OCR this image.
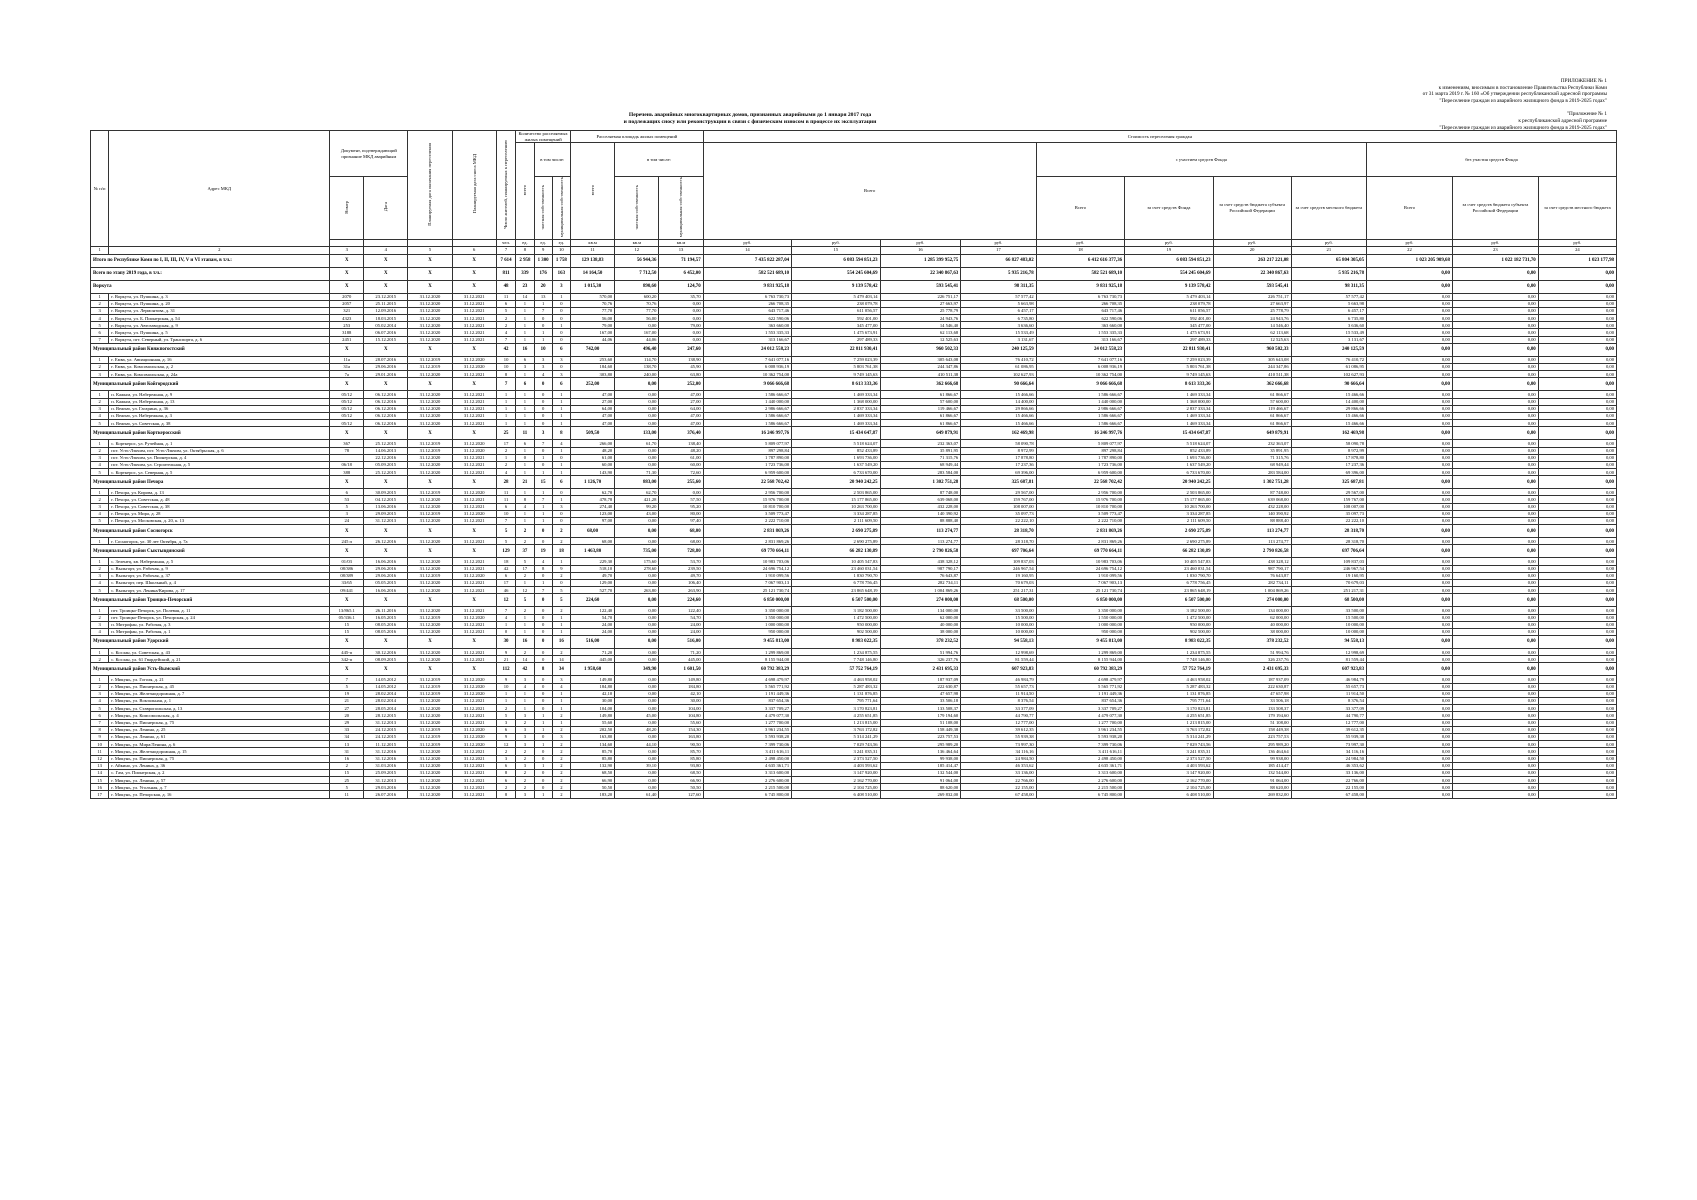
ПРИЛОЖЕНИЕ № 1
к изменениям, вносимым в постановление Правительства Республики Коми
от 31 марта 2019 г. № 160 «Об утверждении республиканской адресной программы
"Переселение граждан из аварийного жилищного фонда в 2019-2025 годах"
"Приложение № 1
к республиканской адресной программе
"Переселение граждан из аварийного жилищного фонда в 2019-2025 годах"
Перечень аварийных многоквартирных домов, признанных аварийными до 1 января 2017 года
и подлежащих сносу или реконструкции в связи с физическим износом в процессе их эксплуатации
№ п/п	Адрес МКД	Документ, подтверждающий признание МКД аварийным		Планируемая дата окончания переселения	Планируемая дата сноса МКД	Число жителей, планируемых к переселению	Количество расселяемых жилых помещений			Расселяемая площадь жилых помещений			Стоимость переселения граждан										
							всего	в том числе:		всего	в том числе:		Всего				с участием средств Фонда				без участия средств Фонда		
		Номер	Дата					частная собственность	муниципальная собственность		частная собственность	муниципальная собственность					Всего	за счет средств Фонда	за счет средств бюджета субъекта Российской Федерации	за счет средств местного бюджета	Всего	за счет средств бюджета субъекта Российской Федерации	за счет средств местного бюджета
						чел.	ед.	ед.	ед.	кв.м	кв.м	кв.м	руб.	руб.	руб.	руб.	руб.	руб.	руб.	руб.	руб.	руб.	руб.
1	2	3	4	5	6	7	8	9	10	11	12	13	14	15	16	17	18	19	20	21	22	23	24
Итого по Республике Коми по I, II, III, IV, V и VI этапам, в т.ч.:		X	X	X	X	7 614	2 958	1 300	1 758	129 138,83	56 944,36	71 194,57	7 435 822 287,04	6 083 594 851,23	1 285 399 952,75	66 827 483,02	6 412 616 377,36	6 083 594 851,23	263 217 221,08	65 804 305,05	1 023 205 909,68	1 022 182 731,70	1 023 177,98
Всего по этапу 2019 года, в т.ч.:		X	X	X	X	811	339	176	163	14 164,50	7 712,50	6 452,00	582 521 689,10	554 245 604,69	22 340 867,63	5 935 216,78	582 521 689,10	554 245 604,69	22 340 867,63	5 935 216,78	0,00	0,00	0,00
Воркута		X	X	X	X	48	23	20	3	1 015,30	890,60	124,70	9 831 925,18	9 139 578,42	593 545,41	98 311,35	9 831 925,18	9 139 578,42	593 545,41	98 311,35	0,00	0,00	0,00
1	г. Воркута, ул. Пушкина, д. 3	2070	23.12.2015	31.12.2020	31.12.2021	11	14	13	1	570,00	600,20	35,70	6 763 730,73	5 479 403,14	226 751,17	57 577,42	6 763 730,73	5 479 403,14	226 751,17	57 577,42	0,00	0,00	0,00
2	г. Воркута, ул. Пушкина, д. 20	2057	25.11.2015	31.12.2020	31.12.2021	6	1	1	0	70,76	70,76	0,00	266 708,35	238 079,78	27 663,97	5 663,98	266 708,35	238 079,78	27 663,97	5 663,98	0,00	0,00	0,00
3	г. Воркута, ул. Лермонтова, д. 31	321	12.09.2016	31.12.2020	31.12.2021	5	1	7	0	77,70	77,70	0,00	643 717,46	611 056,57	25 778,79	6 457,17	643 717,46	611 056,57	25 778,79	6 457,17	0,00	0,00	0,00
4	г. Воркута, ул. Б. Пионерская, д. 54	4323	18.03.2015	31.12.2020	31.12.2021	2	1	0	0	56,00	56,00	0,00	622 590,06	592 401,00	24 943,76	6 735,80	622 590,06	592 401,00	24 943,76	6 735,80	0,00	0,00	0,00
5	г. Воркута, ул. Автозаводская, д. 9	253	05.02.2014	31.12.2020	31.12.2021	2	1	0	1	79,00	0,00	79,00	363 660,00	345 477,00	14 546,40	3 636,60	363 660,00	345 477,00	14 546,40	3 636,60	0,00	0,00	0,00
6	г. Воркута, ул. Пушкина, д. 5	3188	06.07.2016	31.12.2020	31.12.2021	4	1	1	0	167,00	167,00	0,00	1 553 335,33	1 475 673,91	62 113,68	15 533,49	1 553 335,33	1 475 673,91	62 113,68	15 533,49	0,00	0,00	0,00
7	г. Воркута, пгт. Северный, ул. Транспорта, д. 6	2451	15.12.2015	31.12.2020	31.12.2021	7	1	1	0	44,06	44,06	0,00	313 166,67	297 489,33	12 525,63	3 131,67	313 166,67	297 489,33	12 525,63	3 131,67	0,00	0,00	0,00
Муниципальный район Княжпогостский		X	X	X	X	42	16	10	6	742,00	496,40	247,60	24 012 558,23	22 811 930,41	960 502,33	240 125,59	24 012 558,23	22 811 930,41	960 502,33	240 125,59	0,00	0,00	0,00
1	г. Емва, ул. Авиационная, д. 16	11а	28.07.2016	31.12.2019	31.12.2020	10	6	3	3	253,60	114,70	138,90	7 641 077,16	7 259 023,39	305 643,08	76 410,72	7 641 077,16	7 259 023,39	305 643,08	76 410,72	0,00	0,00	0,00
2	г. Емва, ул. Комсомольская, д. 2	31а	29.06.2016	31.12.2019	31.12.2020	10	3	3	0	184,60	138,70	45,90	6 008 936,19	5 803 761,38	244 347,86	61 086,95	6 008 936,19	5 803 761,38	244 347,86	61 086,95	0,00	0,00	0,00
3	г. Емва, ул. Комсомольская, д. 24а	7а	29.01.2016	31.12.2020	31.12.2021	8	1	4	3	303,80	240,00	63,80	10 362 754,00	9 749 145,63	410 511,38	102 627,93	10 362 754,00	9 749 145,63	410 511,38	102 627,93	0,00	0,00	0,00
Муниципальный район Койгородский		X	X	X	X	7	6	0	6	252,00	0,00	252,00	9 066 666,68	8 613 333,36	362 666,68	90 666,64	9 066 666,68	8 613 333,36	362 666,68	90 666,64	0,00	0,00	0,00
1	п. Кажым, ул. Набережная, д. 9	05/12	06.12.2016	31.12.2020	31.12.2021	1	1	0	1	47,00	0,00	47,00	1 586 666,67	1 469 333,34	61 866,67	15 466,66	1 586 666,67	1 469 333,34	61 866,67	15 466,66	0,00	0,00	0,00
2	п. Кажым, ул. Набережная, д. 13	05/12	06.12.2016	31.12.2020	31.12.2021	1	1	0	1	27,00	0,00	27,00	1 440 000,00	1 368 000,00	57 600,00	14 400,00	1 440 000,00	1 368 000,00	57 600,00	14 400,00	0,00	0,00	0,00
3	п. Вежъю, ул. Гагарина, д. 36	05/12	06.12.2016	31.12.2020	31.12.2021	1	1	0	1	64,00	0,00	64,00	2 986 666,67	2 837 333,34	119 466,67	29 866,66	2 986 666,67	2 837 333,34	119 466,67	29 866,66	0,00	0,00	0,00
4	п. Вежъю, ул. Набережная, д. 3	05/12	06.12.2016	31.12.2020	31.12.2021	1	1	0	1	47,00	0,00	47,00	1 586 666,67	1 469 333,34	61 866,67	15 466,66	1 586 666,67	1 469 333,34	61 866,67	15 466,66	0,00	0,00	0,00
5	п. Вежъю, ул. Советская, д. 38	05/12	06.12.2016	31.12.2020	31.12.2021	1	1	0	1	47,00	0,00	47,00	1 586 666,67	1 469 333,34	61 866,67	15 466,66	1 586 666,67	1 469 333,34	61 866,67	15 466,66	0,00	0,00	0,00
Муниципальный район Корткеросский		X	X	X	X	25	11	3	8	509,50	133,00	376,40	16 246 997,76	15 434 647,87	649 879,91	162 469,98	16 246 997,76	15 434 647,87	649 879,91	162 469,98	0,00	0,00	0,00
1	с. Корткерос, ул. Ручейная, д. 1	367	25.12.2015	31.12.2019	31.12.2020	17	6	7	4	266,00	61,70	138,40	5 809 077,97	5 518 624,07	232 363,07	58 090,78	5 809 077,97	5 518 624,07	232 363,07	58 090,78	0,00	0,00	0,00
2	пст. Усть-Лэкчим, пст. Усть-Лэкчим, ул. Октябрьская, д. 6	78	14.06.2013	31.12.2019	31.12.2020	2	1	0	1	48,20	0,00	48,20	897 298,84	852 433,89	35 891,95	8 972,99	897 298,84	852 433,89	35 891,95	8 972,99	0,00	0,00	0,00
3	пст. Усть-Лэкчим, ул. Пионерская, д. 4		22.12.2016	31.12.2020	31.12.2021	1	0	1	0	61,00	0,00	61,00	1 787 890,00	1 693 736,00	71 315,76	17 878,80	1 787 890,00	1 693 736,00	71 315,76	17 878,80	0,00	0,00	0,00
4	пст. Усть-Лэкчим, ул. Строительная, д. 5	06/18	05.09.2015	31.12.2020	31.12.2021	2	1	0	1	60,00	0,00	60,00	1 723 736,00	1 637 549,20	68 949,44	17 237,36	1 723 736,00	1 637 549,20	68 949,44	17 237,36	0,00	0,00	0,00
5	с. Корткерос, ул. Северная, д. 5	388	25.12.2015	31.12.2020	31.12.2021	4	1	1	1	143,90	71,30	72,60	6 959 600,00	6 733 670,00	283 584,00	69 396,00	6 959 600,00	6 733 670,00	283 584,00	69 396,00	0,00	0,00	0,00
Муниципальный район Печора		X	X	X	X	28	21	15	6	1 126,70	883,00	255,60	22 568 702,42	20 940 242,25	1 302 751,28	325 687,81	22 568 702,42	20 940 242,25	1 302 751,28	325 687,81	0,00	0,00	0,00
1	г. Печора, ул. Кирова, д. 13	6	30.09.2015	31.12.2019	31.12.2020	11	1	1	0	62,70	62,70	0,00	2 956 700,00	2 503 865,00	87 748,00	29 567,00	2 956 700,00	2 503 865,00	87 748,00	29 567,00	0,00	0,00	0,00
2	г. Печора, ул. Советская, д. 48	53	04.12.2015	31.12.2020	31.12.2021	11	8	7	1	478,78	421,28	57,50	15 976 700,00	15 177 865,00	639 068,00	159 767,00	15 976 700,00	15 177 865,00	639 068,00	159 767,00	0,00	0,00	0,00
3	г. Печора, ул. Советская, д. 38	5	13.06.2016	31.12.2020	31.12.2021	6	4	1	3	274,40	99,20	95,20	10 810 700,00	10 263 700,00	432 228,00	108 007,00	10 810 700,00	10 263 700,00	432 228,00	108 007,00	0,00	0,00	0,00
4	г. Печора, ул. Мира, д. 28	3	29.09.2015	31.12.2019	31.12.2020	10	1	1	0	123,00	43,00	80,00	3 509 773,47	3 334 287,85	140 390,92	35 097,73	3 509 773,47	3 334 287,85	140 390,92	35 097,73	0,00	0,00	0,00
5	г. Печора, ул. Московская, д. 20, к. 13	24	31.12.2013	31.12.2020	31.12.2021	7	1	1	0	97,00	0,00	97,40	2 222 710,00	2 111 609,50	88 888,40	22 222,10	2 222 710,00	2 111 609,50	88 888,40	22 222,10	0,00	0,00	0,00
Муниципальный район Сосногорск		X	X	X	X	5	2	0	2	68,00	0,00	68,00	2 831 869,26	2 690 275,89	113 274,77	28 318,70	2 831 869,26	2 690 275,89	113 274,77	28 318,70	0,00	0,00	0,00
1	г. Сосногорск, ул. 30 лет Октября, д. 7а	245 п	26.12.2016	31.12.2020	31.12.2021	5	2	0	2	68,00	0,00	68,00	2 831 869,26	2 690 275,89	113 274,77	28 318,70	2 831 869,26	2 690 275,89	113 274,77	28 318,70	0,00	0,00	0,00
Муниципальный район Сыктывдинский		X	X	X	X	129	37	19	18	1 463,80	735,00	728,80	69 770 664,11	66 282 130,89	2 790 826,58	697 706,64	69 770 664,11	66 282 130,89	2 790 826,58	697 706,64	0,00	0,00	0,00
1	с. Зеленец, кв. Набережная, д. 5	01/03	16.06.2016	31.12.2020	31.12.2021	18	5	4	1	229,30	175,60	53,70	10 983 703,06	10 405 547,83	438 328,12	109 837,03	10 983 703,06	10 405 547,83	438 328,12	109 837,03	0,00	0,00	0,00
2	с. Выльгорт, ул. Рабочая, д. 9	08/386	29.06.2016	31.12.2020	31.12.2021	42	17	8	9	518,10	278,60	239,50	24 696 754,12	23 460 031,54	987 790,17	246 967,54	24 696 754,12	23 460 031,54	987 790,17	246 967,54	0,00	0,00	0,00
3	с. Выльгорт, ул. Рабочая, д. 37	08/389	29.06.2016	31.12.2019	31.12.2020	6	2	0	2	49,70	0,00	49,70	1 910 099,56	1 830 790,70	76 643,87	19 160,95	1 910 099,56	1 830 790,70	76 643,87	19 160,95	0,00	0,00	0,00
4	с. Выльгорт, пер. Школьный, д. 4	33/65	05.05.2015	31.12.2020	31.12.2021	17	1	1	0	129,00	0,00	106,40	7 067 903,13	6 778 756,45	282 734,11	70 679,03	7 067 903,13	6 778 756,45	282 734,11	70 679,03	0,00	0,00	0,00
5	с. Выльгорт, ул. Ленина/Кирова, д. 17	09/441	16.06.2016	31.12.2020	31.12.2021	46	12	7	5	527,70	263,80	263,90	25 121 730,74	23 865 648,19	1 004 869,26	251 217,31	25 121 730,74	23 865 648,19	1 004 869,26	251 217,31	0,00	0,00	0,00
Муниципальный район Троицко-Печорский		X	X	X	X	12	5	0	5	224,60	0,00	224,60	6 850 000,00	6 507 500,00	274 000,00	68 500,00	6 850 000,00	6 507 500,00	274 000,00	68 500,00	0,00	0,00	0,00
1	пгт. Троицко-Печорск, ул. Полевая, д. 11	13/865.1	26.11.2016	31.12.2020	31.12.2021	7	2	0	2	122,40	0,00	122,40	3 350 000,00	3 182 500,00	134 000,00	33 500,00	3 350 000,00	3 182 500,00	134 000,00	33 500,00	0,00	0,00	0,00
2	пгт. Троицко-Печорск, ул. Печорская, д. 24	05/336.1	16.05.2015	31.12.2019	31.12.2020	4	1	0	1	54,70	0,00	54,70	1 550 000,00	1 472 500,00	62 000,00	15 500,00	1 550 000,00	1 472 500,00	62 000,00	15 500,00	0,00	0,00	0,00
3	п. Митрофан, ул. Рабочая, д. 3	15	08.05.2016	31.12.2020	31.12.2021	1	1	0	1	24,00	0,00	24,00	1 000 000,00	950 000,00	40 000,00	10 000,00	1 000 000,00	950 000,00	40 000,00	10 000,00	0,00	0,00	0,00
4	п. Митрофан, ул. Рабочая, д. 1	15	08.05.2016	31.12.2020	31.12.2021	0	1	0	1	24,00	0,00	24,00	950 000,00	902 500,00	38 000,00	10 000,00	950 000,00	902 500,00	38 000,00	10 000,00	0,00	0,00	0,00
Муниципальный район Удорский		X	X	X	X	30	16	0	16	516,00	0,00	516,00	9 455 813,00	8 983 022,35	378 232,52	94 558,13	9 455 813,00	8 983 022,35	378 232,52	94 558,13	0,00	0,00	0,00
1	с. Кослан, ул. Советская, д. 43	445-п	30.12.2016	31.12.2020	31.12.2021	9	2	0	2	71,20	0,00	71,20	1 299 869,00	1 234 875,55	51 994,76	12 998,69	1 299 869,00	1 234 875,55	51 994,76	12 998,69	0,00	0,00	0,00
2	с. Кослан, ул. 61 Гвардейский, д. 21	342-п	08.09.2015	31.12.2020	31.12.2021	21	14	0	14	445,00	0,00	445,00	8 155 944,00	7 748 146,80	326 237,76	81 559,44	8 155 944,00	7 748 146,80	326 237,76	81 559,44	0,00	0,00	0,00
Муниципальный район Усть-Вымский		X	X	X	X	112	42	8	34	1 958,60	349,90	1 601,50	60 792 383,29	57 752 764,19	2 431 695,33	607 923,83	60 792 383,29	57 752 764,19	2 431 695,33	607 923,83	0,00	0,00	0,00
1	г. Микунь, ул. Гоголя, д. 21	7	14.05.2012	31.12.2019	31.12.2020	9	3	0	3	149,80	0,00	149,80	4 698 479,97	4 463 958,02	187 937,09	46 984,79	4 698 479,97	4 463 958,02	187 937,09	46 984,79	0,00	0,00	0,00
2	г. Микунь, ул. Пионерская, д. 45	5	14.05.2012	31.12.2019	31.12.2020	10	4	0	4	184,80	0,00	184,80	5 565 771,92	5 287 483,32	222 630,87	55 657,73	5 565 771,92	5 287 483,32	222 630,87	55 657,73	0,00	0,00	0,00
3	г. Микунь, ул. Железнодорожная, д. 7	19	28.02.2014	31.12.2019	31.12.2020	1	1	0	1	42,10	0,00	42,10	1 191 449,36	1 131 876,85	47 657,98	11 914,50	1 191 449,36	1 131 876,85	47 657,98	11 914,50	0,00	0,00	0,00
4	г. Микунь, ул. Вокзальная, д. 1	21	28.02.2014	31.12.2020	31.12.2021	1	1	0	1	30,00	0,00	30,00	837 654,36	795 771,64	33 506,18	8 376,54	837 654,36	795 771,64	33 506,18	8 376,54	0,00	0,00	0,00
5	г. Микунь, ул. Ставропольская, д. 13	27	28.05.2014	31.12.2020	31.12.2021	2	1	0	1	104,00	0,00	104,00	3 337 709,27	3 170 823,81	133 508,37	33 377,09	3 337 709,27	3 170 823,81	133 508,37	33 377,09	0,00	0,00	0,00
6	г. Микунь, ул. Комсомольская, д. 4	20	28.12.2015	31.12.2020	31.12.2021	5	3	1	2	149,80	45,00	104,80	4 479 077,30	4 255 651,85	179 194,60	44 790,77	4 479 077,30	4 255 651,85	179 194,60	44 790,77	0,00	0,00	0,00
7	г. Микунь, ул. Пионерская, д. 75	29	31.12.2013	31.12.2020	31.12.2021	3	2	1	1	55,60	0,00	55,60	1 277 700,00	1 213 815,00	51 108,00	12 777,00	1 277 700,00	1 213 815,00	51 108,00	12 777,00	0,00	0,00	0,00
8	г. Микунь, ул. Ленина, д. 25	33	24.12.2015	31.12.2019	31.12.2020	6	3	1	2	202,50	48,20	154,30	3 961 234,55	3 763 172,82	158 449,38	39 612,35	3 961 234,55	3 763 172,82	158 449,38	39 612,35	0,00	0,00	0,00
9	г. Микунь, ул. Ленина, д. 61	34	24.12.2015	31.12.2019	31.12.2020	9	3	0	3	163,80	0,00	163,80	5 593 938,20	5 314 241,29	223 757,53	55 939,38	5 593 938,20	5 314 241,29	223 757,53	55 939,38	0,00	0,00	0,00
10	г. Микунь, ул. Мира/Ленина, д. 6	13	11.12.2015	31.12.2019	31.12.2020	12	3	1	2	134,60	44,10	90,50	7 399 730,06	7 029 743,56	295 989,20	73 997,30	7 399 730,06	7 029 743,56	295 989,20	73 997,30	0,00	0,00	0,00
11	г. Микунь, ул. Железнодорожная, д. 15	31	31.12.2016	31.12.2020	31.12.2021	2	2	0	2	85,70	0,00	85,70	3 411 616,11	3 241 035,31	136 464,64	34 116,16	3 411 616,11	3 241 035,31	136 464,64	34 116,16	0,00	0,00	0,00
12	г. Микунь, ул. Пионерская, д. 75	16	31.12.2016	31.12.2020	31.12.2021	3	2	0	2	85,80	0,00	85,80	2 498 450,00	2 373 527,50	99 938,00	24 984,50	2 498 450,00	2 373 527,50	99 938,00	24 984,50	0,00	0,00	0,00
13	г. Айкино, ул. Ленина, д. 36	2	31.03.2016	31.12.2020	31.12.2021	6	3	1	2	132,90	39,10	93,80	4 635 361,71	4 403 593,62	185 414,47	46 353,62	4 635 361,71	4 403 593,62	185 414,47	46 353,62	0,00	0,00	0,00
14	с. Гам, ул. Пионерская, д. 2	15	25.09.2015	31.12.2020	31.12.2021	8	2	0	2	68,50	0,00	68,50	3 313 600,00	3 147 920,00	132 544,00	33 136,00	3 313 600,00	3 147 920,00	132 544,00	33 136,00	0,00	0,00	0,00
15	г. Микунь, ул. Ленина, д. 57	25	31.12.2013	31.12.2020	31.12.2021	6	2	0	2	66,90	0,00	66,90	2 276 600,00	2 162 770,00	91 064,00	22 766,00	2 276 600,00	2 162 770,00	91 064,00	22 766,00	0,00	0,00	0,00
16	г. Микунь, ул. Угольная, д. 7	5	29.03.2016	31.12.2020	31.12.2021	2	2	0	2	50,50	0,00	50,50	2 215 500,00	2 104 725,00	88 620,00	22 155,00	2 215 500,00	2 104 725,00	88 620,00	22 155,00	0,00	0,00	0,00
17	г. Микунь, ул. Печорская, д. 16	11	26.07.2016	31.12.2020	31.12.2021	8	3	1	2	183,20	61,40	127,60	6 745 800,00	6 408 510,00	269 832,00	67 458,00	6 745 800,00	6 408 510,00	269 832,00	67 458,00	0,00	0,00	0,00
